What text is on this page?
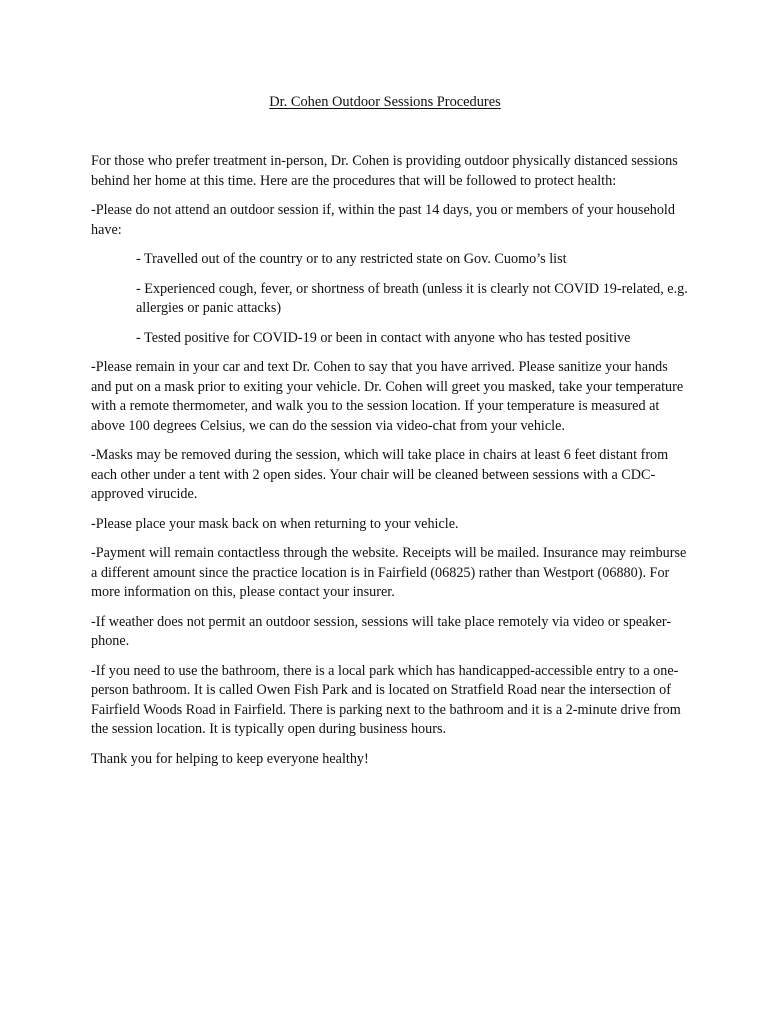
Dr. Cohen Outdoor Sessions Procedures

For those who prefer treatment in-person, Dr. Cohen is providing outdoor physically distanced sessions behind her home at this time. Here are the procedures that will be followed to protect health:

-Please do not attend an outdoor session if, within the past 14 days, you or members of your household have:

- Travelled out of the country or to any restricted state on Gov. Cuomo’s list

- Experienced cough, fever, or shortness of breath (unless it is clearly not COVID 19-related, e.g. allergies or panic attacks)

- Tested positive for COVID-19 or been in contact with anyone who has tested positive

-Please remain in your car and text Dr. Cohen to say that you have arrived. Please sanitize your hands and put on a mask prior to exiting your vehicle. Dr. Cohen will greet you masked, take your temperature with a remote thermometer, and walk you to the session location. If your temperature is measured at above 100 degrees Celsius, we can do the session via video-chat from your vehicle.

-Masks may be removed during the session, which will take place in chairs at least 6 feet distant from each other under a tent with 2 open sides. Your chair will be cleaned between sessions with a CDC-approved virucide.

-Please place your mask back on when returning to your vehicle.

-Payment will remain contactless through the website. Receipts will be mailed. Insurance may reimburse a different amount since the practice location is in Fairfield (06825) rather than Westport (06880). For more information on this, please contact your insurer.

-If weather does not permit an outdoor session, sessions will take place remotely via video or speaker-phone.

-If you need to use the bathroom, there is a local park which has handicapped-accessible entry to a one-person bathroom. It is called Owen Fish Park and is located on Stratfield Road near the intersection of Fairfield Woods Road in Fairfield. There is parking next to the bathroom and it is a 2-minute drive from the session location. It is typically open during business hours.

Thank you for helping to keep everyone healthy!
